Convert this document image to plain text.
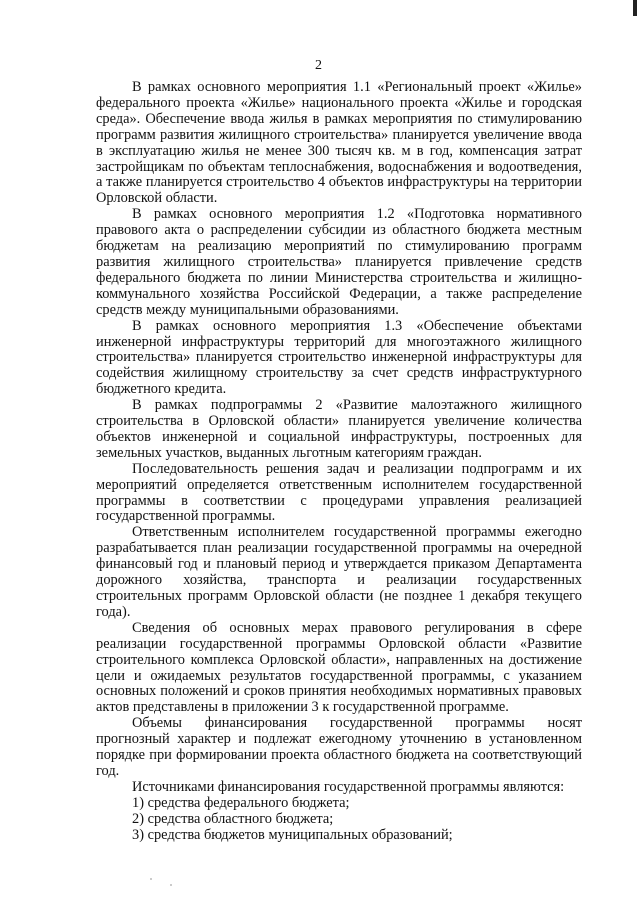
2

В рамках основного мероприятия 1.1 «Региональный проект «Жилье» федерального проекта «Жилье» национального проекта «Жилье и городская среда». Обеспечение ввода жилья в рамках мероприятия по стимулированию программ развития жилищного строительства» планируется увеличение ввода в эксплуатацию жилья не менее 300 тысяч кв. м в год, компенсация затрат застройщикам по объектам теплоснабжения, водоснабжения и водоотведения, а также планируется строительство 4 объектов инфраструктуры на территории Орловской области.

В рамках основного мероприятия 1.2 «Подготовка нормативного правового акта о распределении субсидии из областного бюджета местным бюджетам на реализацию мероприятий по стимулированию программ развития жилищного строительства» планируется привлечение средств федерального бюджета по линии Министерства строительства и жилищно-коммунального хозяйства Российской Федерации, а также распределение средств между муниципальными образованиями.

В рамках основного мероприятия 1.3 «Обеспечение объектами инженерной инфраструктуры территорий для многоэтажного жилищного строительства» планируется строительство инженерной инфраструктуры для содействия жилищному строительству за счет средств инфраструктурного бюджетного кредита.

В рамках подпрограммы 2 «Развитие малоэтажного жилищного строительства в Орловской области» планируется увеличение количества объектов инженерной и социальной инфраструктуры, построенных для земельных участков, выданных льготным категориям граждан.

Последовательность решения задач и реализации подпрограмм и их мероприятий определяется ответственным исполнителем государственной программы в соответствии с процедурами управления реализацией государственной программы.

Ответственным исполнителем государственной программы ежегодно разрабатывается план реализации государственной программы на очередной финансовый год и плановый период и утверждается приказом Департамента дорожного хозяйства, транспорта и реализации государственных строительных программ Орловской области (не позднее 1 декабря текущего года).

Сведения об основных мерах правового регулирования в сфере реализации государственной программы Орловской области «Развитие строительного комплекса Орловской области», направленных на достижение цели и ожидаемых результатов государственной программы, с указанием основных положений и сроков принятия необходимых нормативных правовых актов представлены в приложении 3 к государственной программе.

Объемы финансирования государственной программы носят прогнозный характер и подлежат ежегодному уточнению в установленном порядке при формировании проекта областного бюджета на соответствующий год.

Источниками финансирования государственной программы являются:

1) средства федерального бюджета;
2) средства областного бюджета;
3) средства бюджетов муниципальных образований;
